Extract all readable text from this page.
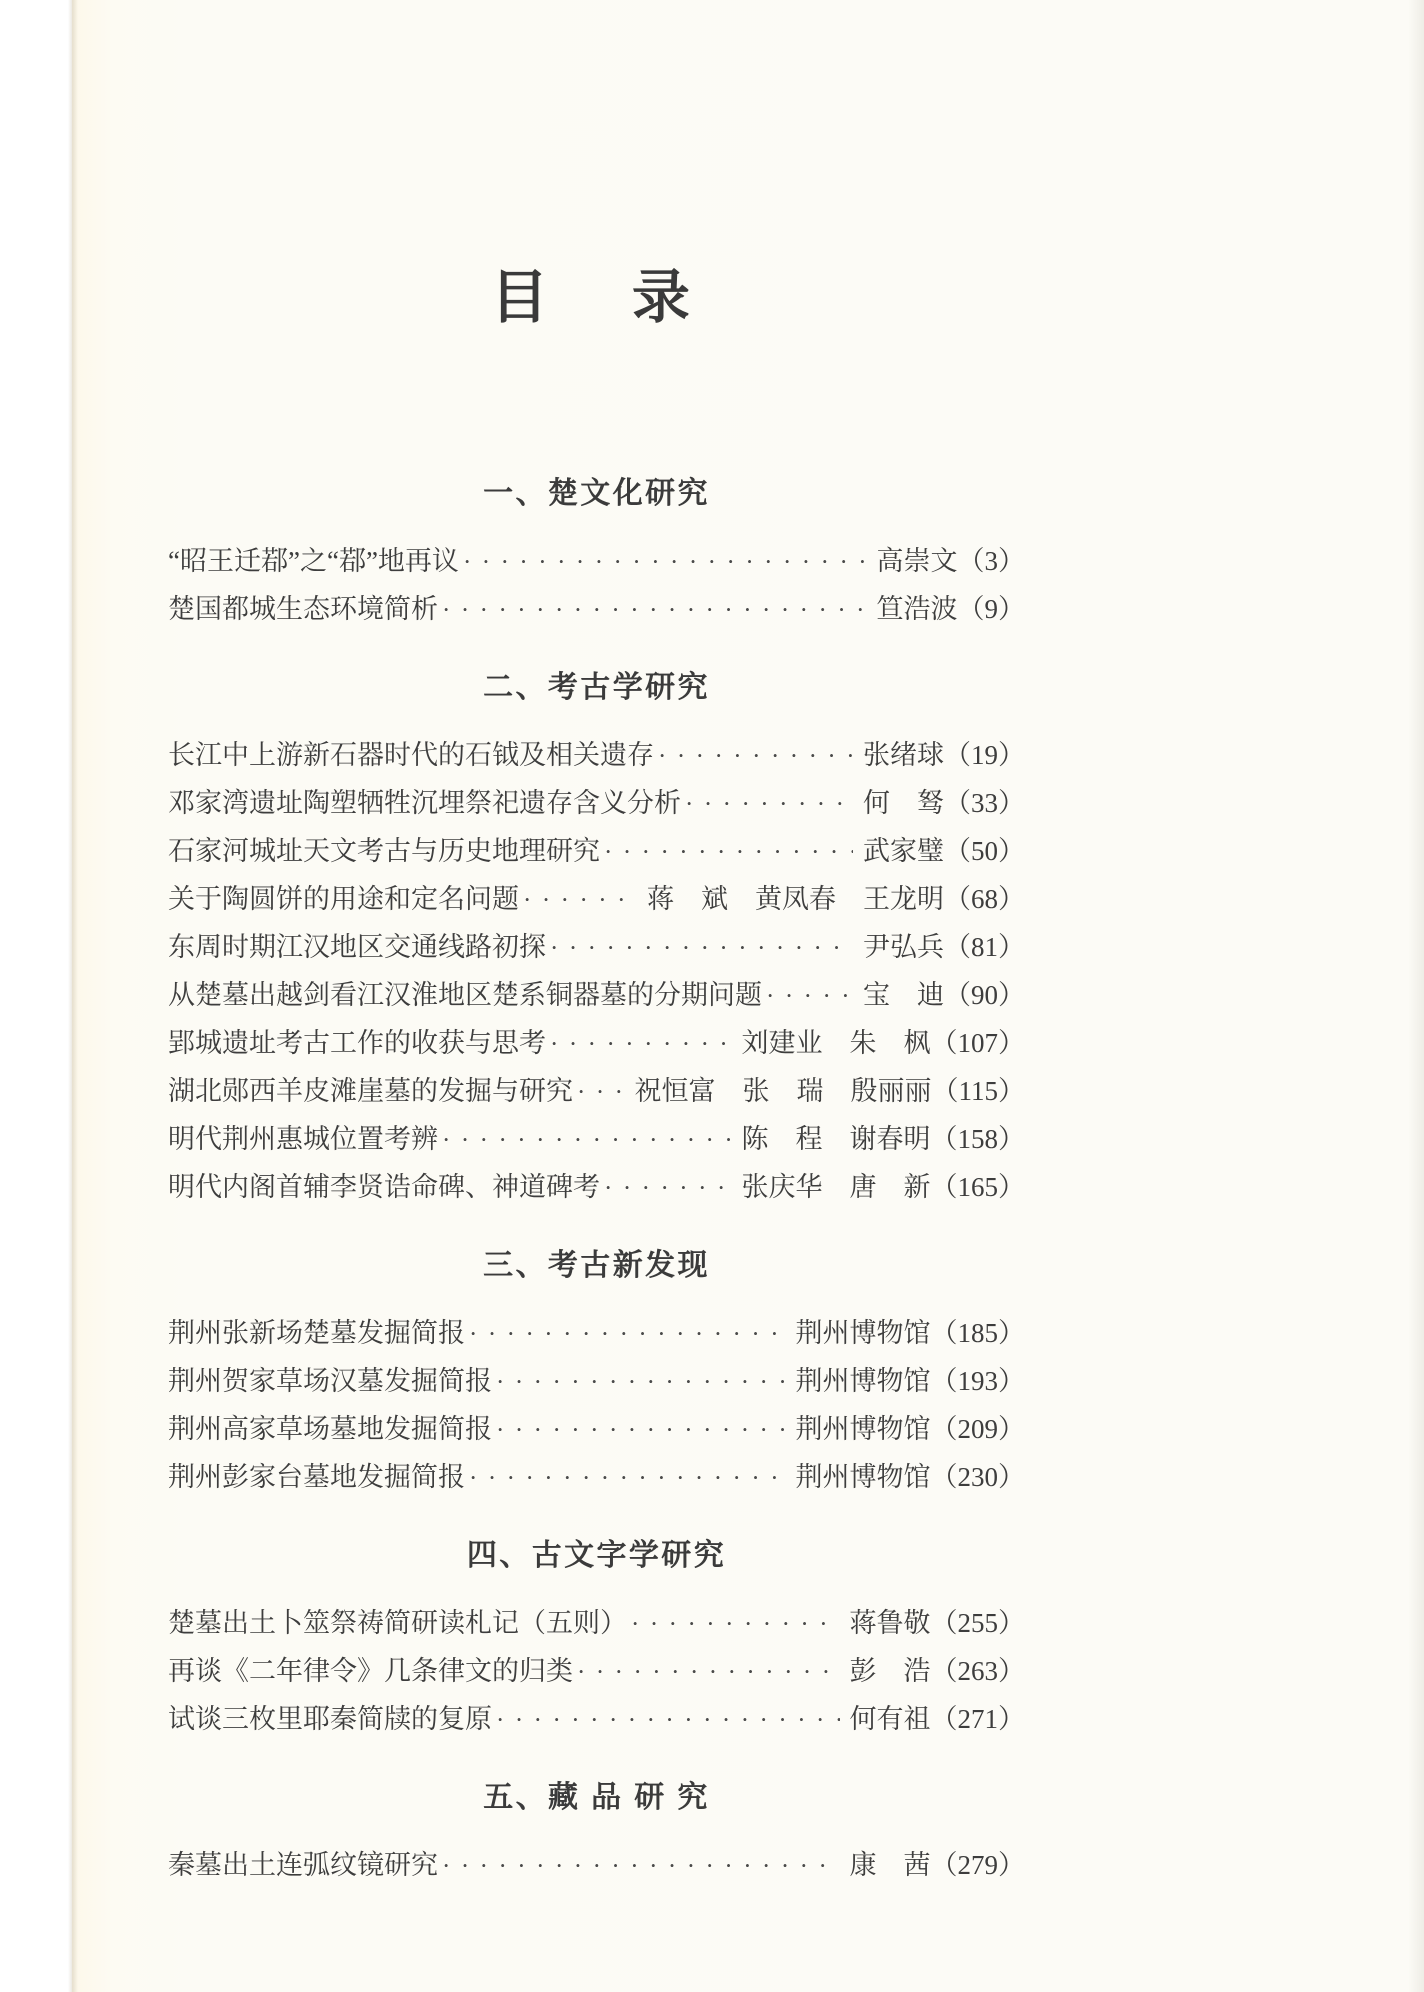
目　录
一、楚文化研究
“昭王迁鄀”之“鄀”地再议 ·····	高崇文 （3）
楚国都城生态环境简析 ·····	笪浩波 （9）
二、考古学研究
长江中上游新石器时代的石钺及相关遗存 ·····	张绪球 （19）
邓家湾遗址陶塑牺牲沉埋祭祀遗存含义分析 ·····	何　驽 （33）
石家河城址天文考古与历史地理研究 ·····	武家璧 （50）
关于陶圆饼的用途和定名问题 ·····	蒋　斌　黄凤春　王龙明 （68）
东周时期江汉地区交通线路初探 ·····	尹弘兵 （81）
从楚墓出越剑看江汉淮地区楚系铜器墓的分期问题 ·····	宝　迪 （90）
郢城遗址考古工作的收获与思考 ·····	刘建业　朱　枫 （107）
湖北郧西羊皮滩崖墓的发掘与研究 ····· 祝恒富　张　瑞　殷丽丽 （115）
明代荆州惠城位置考辨 ·····	陈　程　谢春明 （158）
明代内阁首辅李贤诰命碑、神道碑考 ·····	张庆华　唐　新 （165）
三、考古新发现
荆州张新场楚墓发掘简报 ·····	荆州博物馆 （185）
荆州贺家草场汉墓发掘简报 ·····	荆州博物馆 （193）
荆州高家草场墓地发掘简报 ·····	荆州博物馆 （209）
荆州彭家台墓地发掘简报 ·····	荆州博物馆 （230）
四、古文字学研究
楚墓出土卜筮祭祷简研读札记（五则） ·····	蒋鲁敬 （255）
再谈《二年律令》几条律文的归类 ·····	彭　浩 （263）
试谈三枚里耶秦简牍的复原 ·····	何有祖 （271）
五、藏 品 研 究
秦墓出土连弧纹镜研究 ·····	康　茜 （279）
